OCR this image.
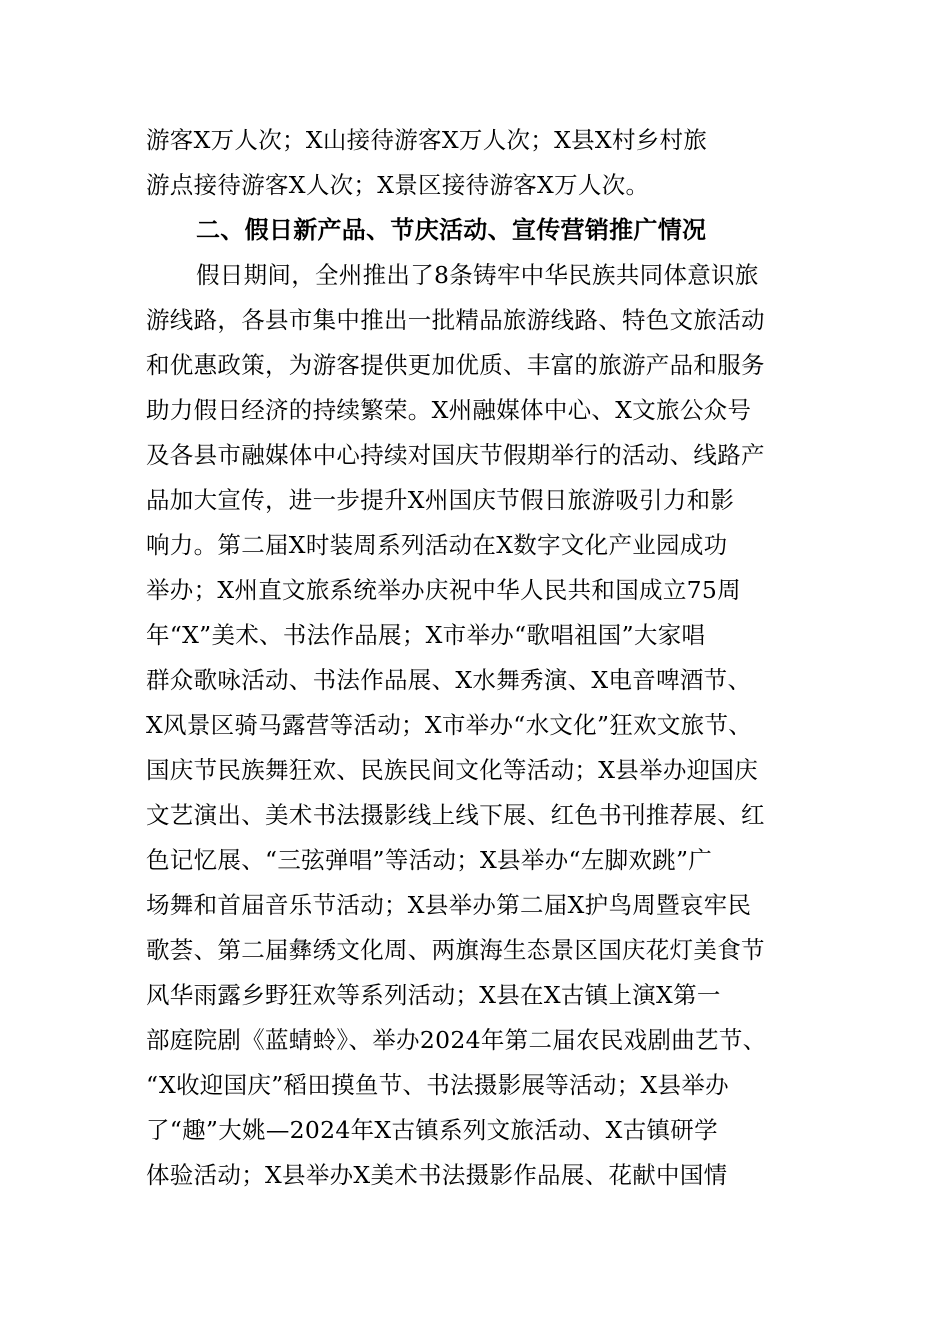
游客X万人次；X山接待游客X万人次；X县X村乡村旅
游点接待游客X人次；X景区接待游客X万人次。
二、假日新产品、节庆活动、宣传营销推广情况
假日期间，全州推出了8条铸牢中华民族共同体意识旅
游线路，各县市集中推出一批精品旅游线路、特色文旅活动
和优惠政策，为游客提供更加优质、丰富的旅游产品和服务
助力假日经济的持续繁荣。X州融媒体中心、X文旅公众号
及各县市融媒体中心持续对国庆节假期举行的活动、线路产
品加大宣传，进一步提升X州国庆节假日旅游吸引力和影
响力。第二届X时装周系列活动在X数字文化产业园成功
举办；X州直文旅系统举办庆祝中华人民共和国成立75周
年“X”美术、书法作品展；X市举办“歌唱祖国”大家唱
群众歌咏活动、书法作品展、X水舞秀演、X电音啤酒节、
X风景区骑马露营等活动；X市举办“水文化”狂欢文旅节、
国庆节民族舞狂欢、民族民间文化等活动；X县举办迎国庆
文艺演出、美术书法摄影线上线下展、红色书刊推荐展、红
色记忆展、“三弦弹唱”等活动；X县举办“左脚欢跳”广
场舞和首届音乐节活动；X县举办第二届X护鸟周暨哀牢民
歌荟、第二届彝绣文化周、两旗海生态景区国庆花灯美食节
风华雨露乡野狂欢等系列活动；X县在X古镇上演X第一
部庭院剧《蓝蜻蛉》、举办2024年第二届农民戏剧曲艺节、
“X收迎国庆”稻田摸鱼节、书法摄影展等活动；X县举办
了“趣”大姚—2024年X古镇系列文旅活动、X古镇研学
体验活动；X县举办X美术书法摄影作品展、花献中国情
